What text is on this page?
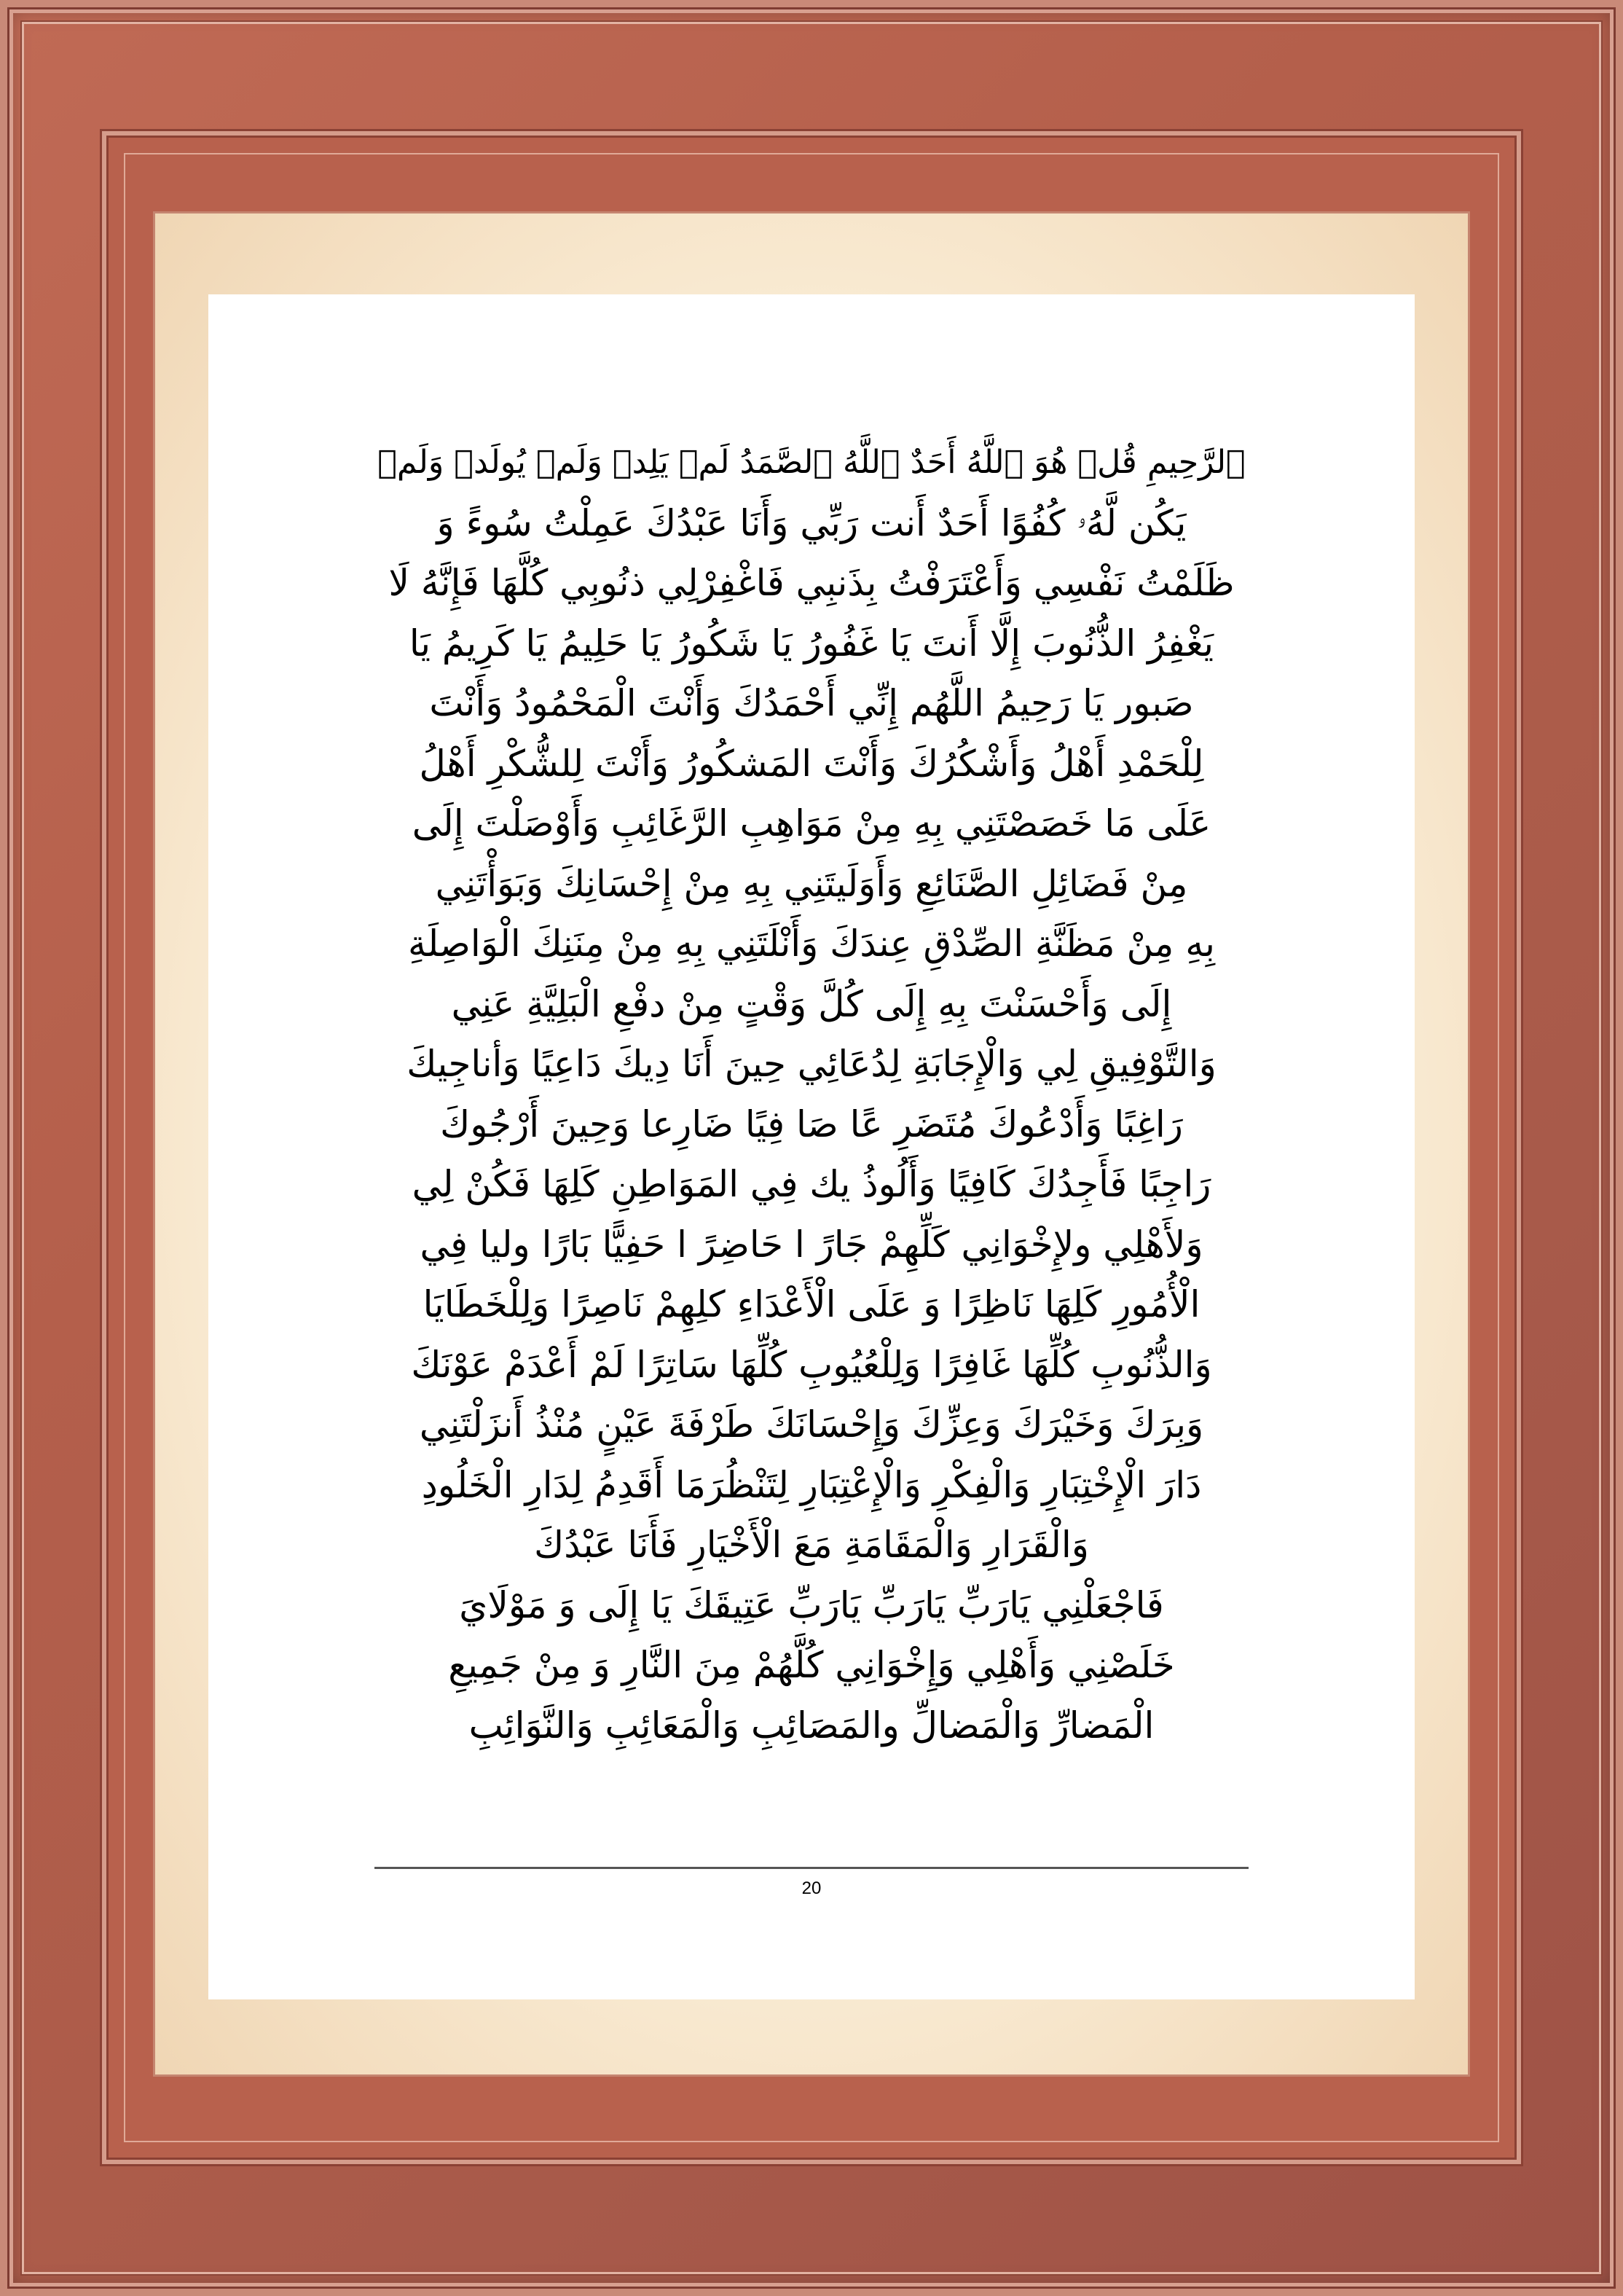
ٱلرَّحِيمِ قُلۡ هُوَ ٱللَّهُ أَحَدٌ ٱللَّهُ ٱلصَّمَدُ لَمۡ يَلِدۡ وَلَمۡ يُولَدۡ وَلَمۡ
يَكُن لَّهُۥ كُفُوًا أَحَدٌ أَنت رَبِّي وَأَنَا عَبْدُكَ عَمِلْتُ سُوءً وَ
ظَلَمْتُ نَفْسِي وَأَعْتَرَفْتُ بِذَنبِي فَاغْفِرْلِي ذنُوبِي كُلَّهَا فَإِنَّهُ لَا
يَغْفِرُ الذُّنُوبَ إِلَّا أَنتَ يَا غَفُورُ يَا شَكُورُ يَا حَلِيمُ يَا كَرِيمُ يَا
صَبور يَا رَحِيمُ اللَّهُم إِنِّي أَحْمَدُكَ وَأَنْتَ الْمَحْمُودُ وَأَنْتَ
لِلْحَمْدِ أَهْلُ وَأَشْكُرُكَ وَأَنْتَ المَشكُورُ وَأَنْتَ لِلشُّكْرِ أَهْلُ
عَلَى مَا خَصَصْتَنِي بِهِ مِنْ مَوَاهِبِ الرَّغَائِبِ وَأَوْصَلْتَ إِلَى
مِنْ فَضَائِلِ الصَّنَائِعِ وَأَوَلَيتَنِي بِهِ مِنْ إِحْسَانِكَ وَبَوَأْتَنِي
بِهِ مِنْ مَظَنَّةِ الصِّدْقِ عِندَكَ وَأَنْلَتَنِي بِهِ مِنْ مِنَنِكَ الْوَاصِلَةِ
إِلَى وَأَحْسَنْتَ بِهِ إِلَى كُلَّ وَقْتٍ مِنْ دفْعِ الْبَلِيَّةِ عَنِي
وَالتَّوْفِيقِ لِي وَالْإِجَابَةِ لِدُعَائِي حِينَ أَنَا دِيكَ دَاعِيًا وَأناجِيكَ
رَاغِبًا وَأَدْعُوكَ مُتَضَرِ عًا صَا فِيًا ضَارِعا وَحِينَ أَرْجُوكَ
رَاجِبًا فَأَجِدُكَ كَافِيًا وَأَلُوذُ يك فِي المَوَاطِنِ كَلِهَا فَكُنْ لِي
وَلأَهْلِي ولإِخْوَانِي كَلِّهِمْ جَارً ا حَاضِرً ا حَفِيًّا بَارًا وليا فِي
الْأُمُورِ كَلِهَا نَاظِرًا وَ عَلَى الْأَعْدَاءِ كلِهِمْ نَاصِرًا وَلِلْخَطَايَا
وَالذُّنُوبِ كُلِّهَا غَافِرًا وَلِلْعُيُوبِ كُلِّهَا سَاتِرًا لَمْ أَعْدَمْ عَوْنَكَ
وَبِرَكَ وَخَيْرَكَ وَعِزِّكَ وَإِحْسَانَكَ طَرْفَةَ عَيْنٍ مُنْذُ أَنزَلْتَنِي
دَارَ الْإِخْتِبَارِ وَالْفِكْرِ وَالْإِعْتِبَارِ لِتَنْظُرَمَا أَقَدِمُ لِدَارِ الْخَلُودِ
وَالْقَرَارِ وَالْمَقَامَةِ مَعَ الْأَخْيَارِ فَأَنَا عَبْدُكَ
فَاجْعَلْنِي يَارَبِّ يَارَبِّ يَارَبِّ عَتِيقَكَ يَا إِلَى وَ مَوْلَايَ
خَلَصْنِي وَأَهْلِي وَإِخْوَانِي كُلَّهُمْ مِنَ النَّارِ وَ مِنْ جَمِيعِ
الْمَضارِّ وَالْمَضالِّ والمَصَائِبِ وَالْمَعَائِبِ وَالنَّوَائِبِ
20
